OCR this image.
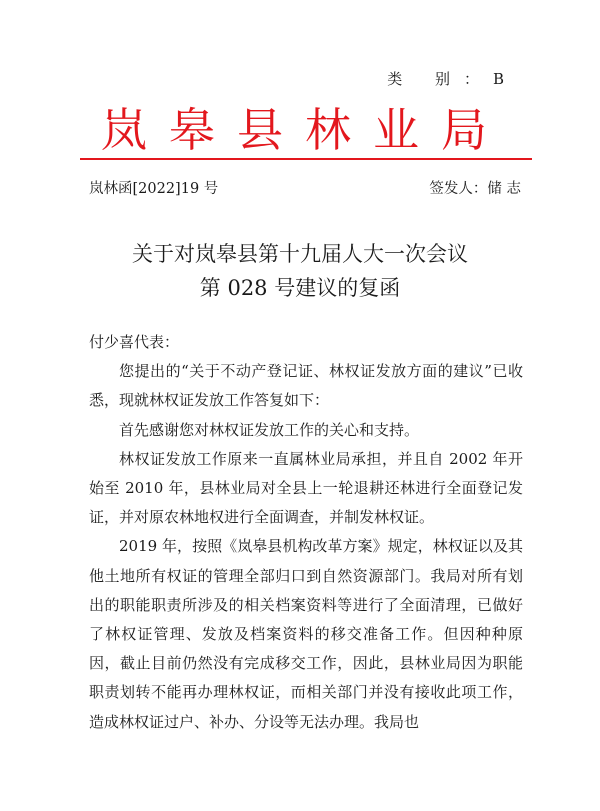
类 别：B
岚皋县林业局
岚林函[2022]19 号	签发人：储 志
关于对岚皋县第十九届人大一次会议
第 028 号建议的复函

付少喜代表：

您提出的“关于不动产登记证、林权证发放方面的建议”已收悉，现就林权证发放工作答复如下：

首先感谢您对林权证发放工作的关心和支持。

林权证发放工作原来一直属林业局承担，并且自 2002 年开始至 2010 年，县林业局对全县上一轮退耕还林进行全面登记发证，并对原农林地权进行全面调查，并制发林权证。

2019 年，按照《岚皋县机构改革方案》规定，林权证以及其他土地所有权证的管理全部归口到自然资源部门。我局对所有划出的职能职责所涉及的相关档案资料等进行了全面清理，已做好了林权证管理、发放及档案资料的移交准备工作。但因种种原因，截止目前仍然没有完成移交工作，因此，县林业局因为职能职责划转不能再办理林权证，而相关部门并没有接收此项工作，造成林权证过户、补办、分设等无法办理。我局也
